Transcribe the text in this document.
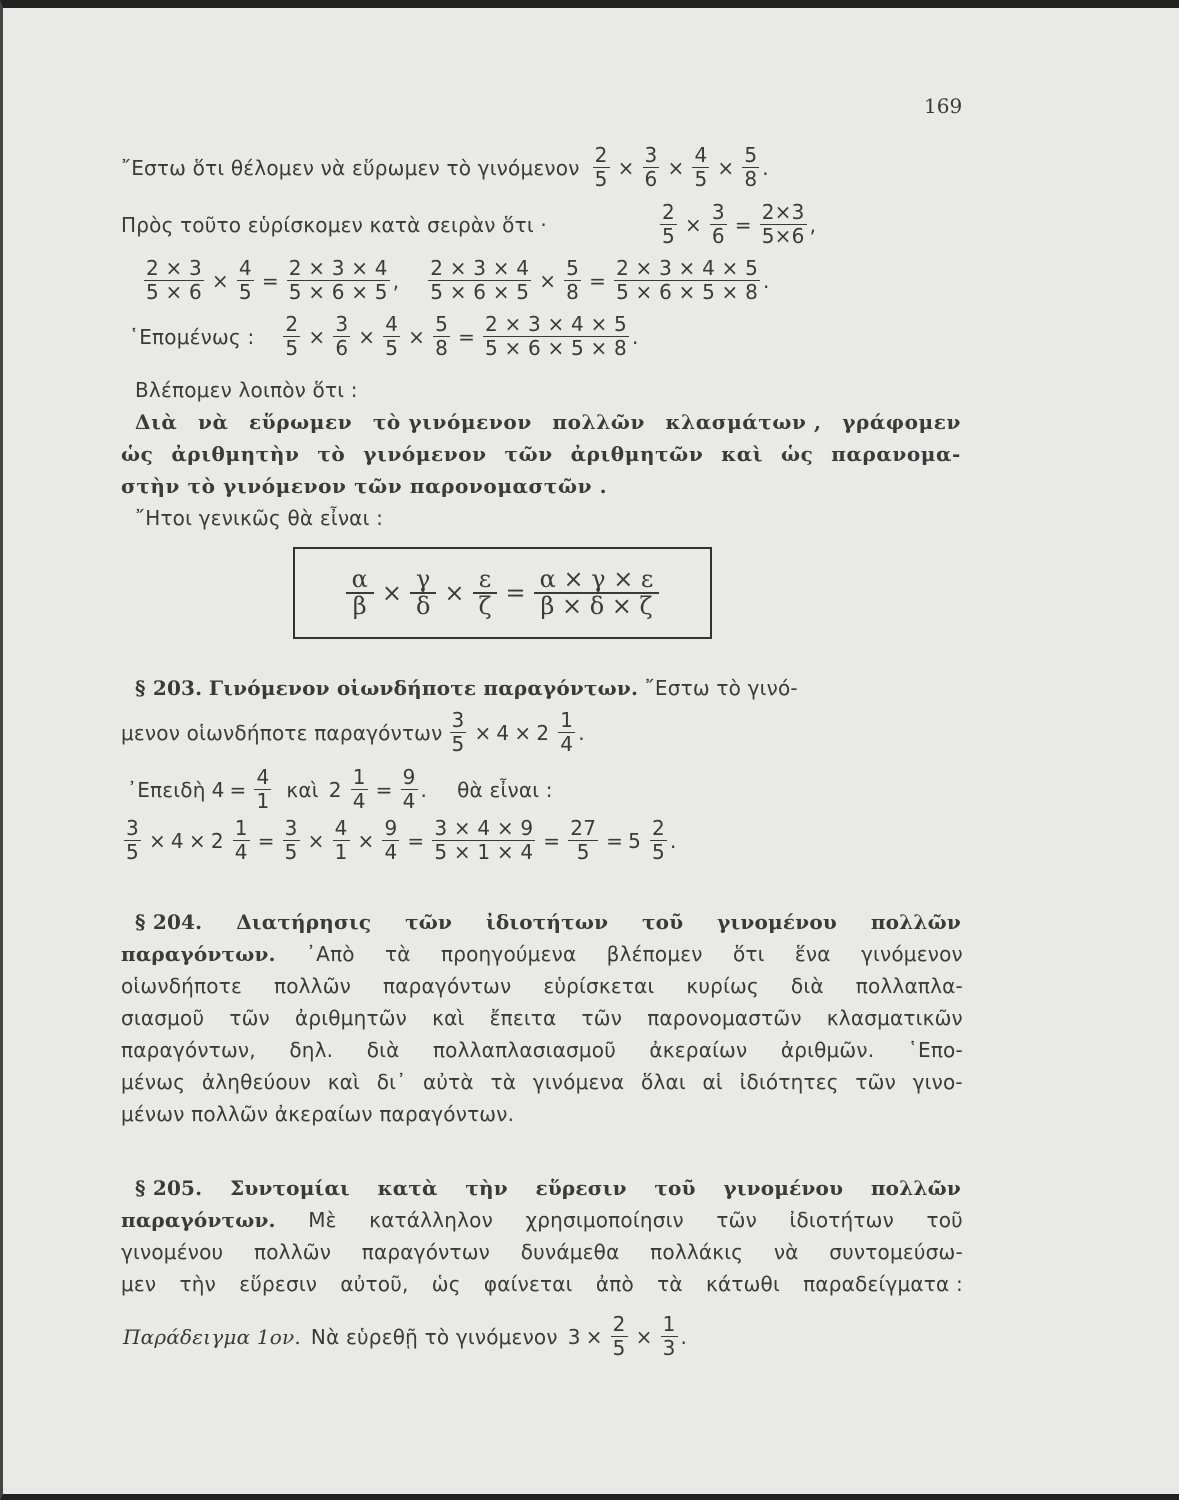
169
῎Εστω ὅτι θέλομεν νὰ εὕρωμεν τὸ γινόμενον $\frac{2}{5} \times \frac{3}{6} \times \frac{4}{5} \times \frac{5}{8}$ .
Πρὸς τοῦτο εὑρίσκομεν κατὰ σειρὰν ὅτι ·	$\frac{2}{5} \times \frac{3}{6} = \frac{2\times 3}{5\times 6}$ ,
$\frac{2 \times 3}{5 \times 6} \times \frac{4}{5} = \frac{2 \times 3 \times 4}{5 \times 6 \times 5}$ , $\frac{2 \times 3 \times 4}{5 \times 6 \times 5} \times \frac{5}{8} = \frac{2 \times 3 \times 4 \times 5}{5 \times 6 \times 5 \times 8}$ .
῾Επομένως : $\frac{2}{5} \times \frac{3}{6} \times \frac{4}{5} \times \frac{5}{8} = \frac{2 \times 3 \times 4 \times 5}{5 \times 6 \times 5 \times 8}$ .
Βλέπομεν λοιπὸν ὅτι :
Διὰ νὰ εὕρωμεν τὸ γινόμενον πολλῶν κλασμάτων , γράφομεν
ὡς ἀριθμητὴν τὸ γινόμενον τῶν ἀριθμητῶν καὶ ὡς παρανομα-
στὴν τὸ γινόμενον τῶν παρονομαστῶν .
῎Ητοι γενικῶς θὰ εἶναι :
$\frac{\alpha}{\beta} \times \frac{\gamma}{\delta} \times \frac{\varepsilon}{\zeta} = \frac{\alpha \times \gamma \times \varepsilon}{\beta \times \delta \times \zeta}$
§ 203. Γινόμενον οἱωνδήποτε παραγόντων. ῎Εστω τὸ γινό-
μενον οἱωνδήποτε παραγόντων $\frac{3}{5} \times 4 \times 2 \frac{1}{4}$ .
᾿Επειδὴ $4 = \frac{4}{1}$ καὶ $2 \frac{1}{4} = \frac{9}{4}$ . θὰ εἶναι :
$\frac{3}{5} \times 4 \times 2 \frac{1}{4} = \frac{3}{5} \times \frac{4}{1} \times \frac{9}{4} = \frac{3 \times 4 \times 9}{5 \times 1 \times 4} = \frac{27}{5} = 5 \frac{2}{5}$ .
§ 204. Διατήρησις τῶν ἰδιοτήτων τοῦ γινομένου πολλῶν
παραγόντων. ᾿Απὸ τὰ προηγούμενα βλέπομεν ὅτι ἕνα γινόμενον
οἱωνδήποτε πολλῶν παραγόντων εὑρίσκεται κυρίως διὰ πολλαπλα-
σιασμοῦ τῶν ἀριθμητῶν καὶ ἔπειτα τῶν παρονομαστῶν κλασματικῶν
παραγόντων, δηλ. διὰ πολλαπλασιασμοῦ ἀκεραίων ἀριθμῶν. ῾Επο-
μένως ἀληθεύουν καὶ δι᾿ αὐτὰ τὰ γινόμενα ὅλαι αἱ ἰδιότητες τῶν γινο-
μένων πολλῶν ἀκεραίων παραγόντων.
§ 205. Συντομίαι κατὰ τὴν εὕρεσιν τοῦ γινομένου πολλῶν
παραγόντων. Μὲ κατάλληλον χρησιμοποίησιν τῶν ἰδιοτήτων τοῦ
γινομένου πολλῶν παραγόντων δυνάμεθα πολλάκις νὰ συντομεύσω-
μεν τὴν εὕρεσιν αὐτοῦ, ὡς φαίνεται ἀπὸ τὰ κάτωθι παραδείγματα :
Παράδειγμα 1ον. Νὰ εὑρεθῇ τὸ γινόμενον $3 \times \frac{2}{5} \times \frac{1}{3}$ .
